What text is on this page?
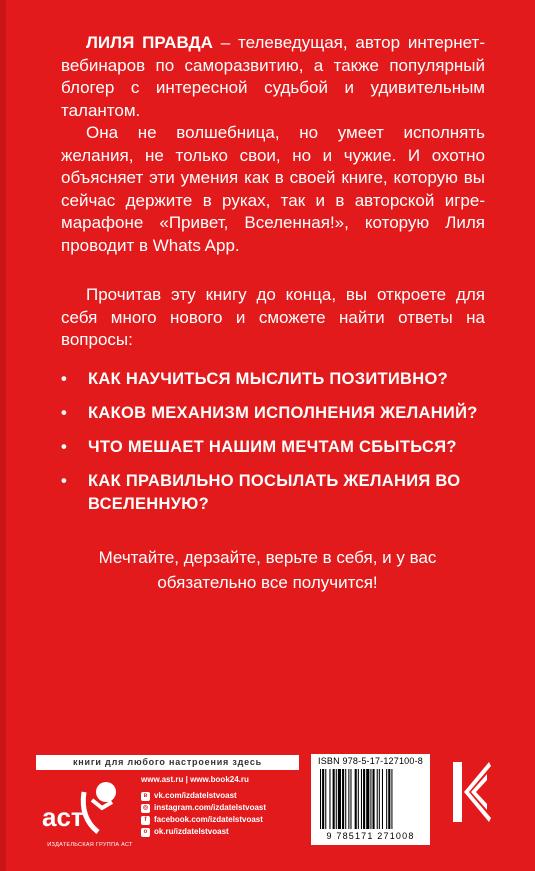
ЛИЛЯ ПРАВДА – телеведущая, автор интернет-вебинаров по саморазвитию, а также популярный блогер с интересной судьбой и удивительным талантом.

Она не волшебница, но умеет исполнять желания, не только свои, но и чужие. И охотно объясняет эти умения как в своей книге, которую вы сейчас держите в руках, так и в авторской игре-марафоне «Привет, Вселенная!», которую Лиля проводит в Whats App.

Прочитав эту книгу до конца, вы откроете для себя много нового и сможете найти ответы на вопросы:

• КАК НАУЧИТЬСЯ МЫСЛИТЬ ПОЗИТИВНО?
• КАКОВ МЕХАНИЗМ ИСПОЛНЕНИЯ ЖЕЛАНИЙ?
• ЧТО МЕШАЕТ НАШИМ МЕЧТАМ СБЫТЬСЯ?
• КАК ПРАВИЛЬНО ПОСЫЛАТЬ ЖЕЛАНИЯ ВО ВСЕЛЕННУЮ?
Мечтайте, дерзайте, верьте в себя, и у вас
обязательно все получится!
книги для любого настроения здесь
аст
ИЗДАТЕЛЬСКАЯ ГРУППА АСТ
www.ast.ru | www.book24.ru
в vk.com/izdatelstvoast
◎ instagram.com/izdatelstvoast
f facebook.com/izdatelstvoast
о ok.ru/izdatelstvoast
ISBN 978-5-17-127100-8
9 785171 271008
